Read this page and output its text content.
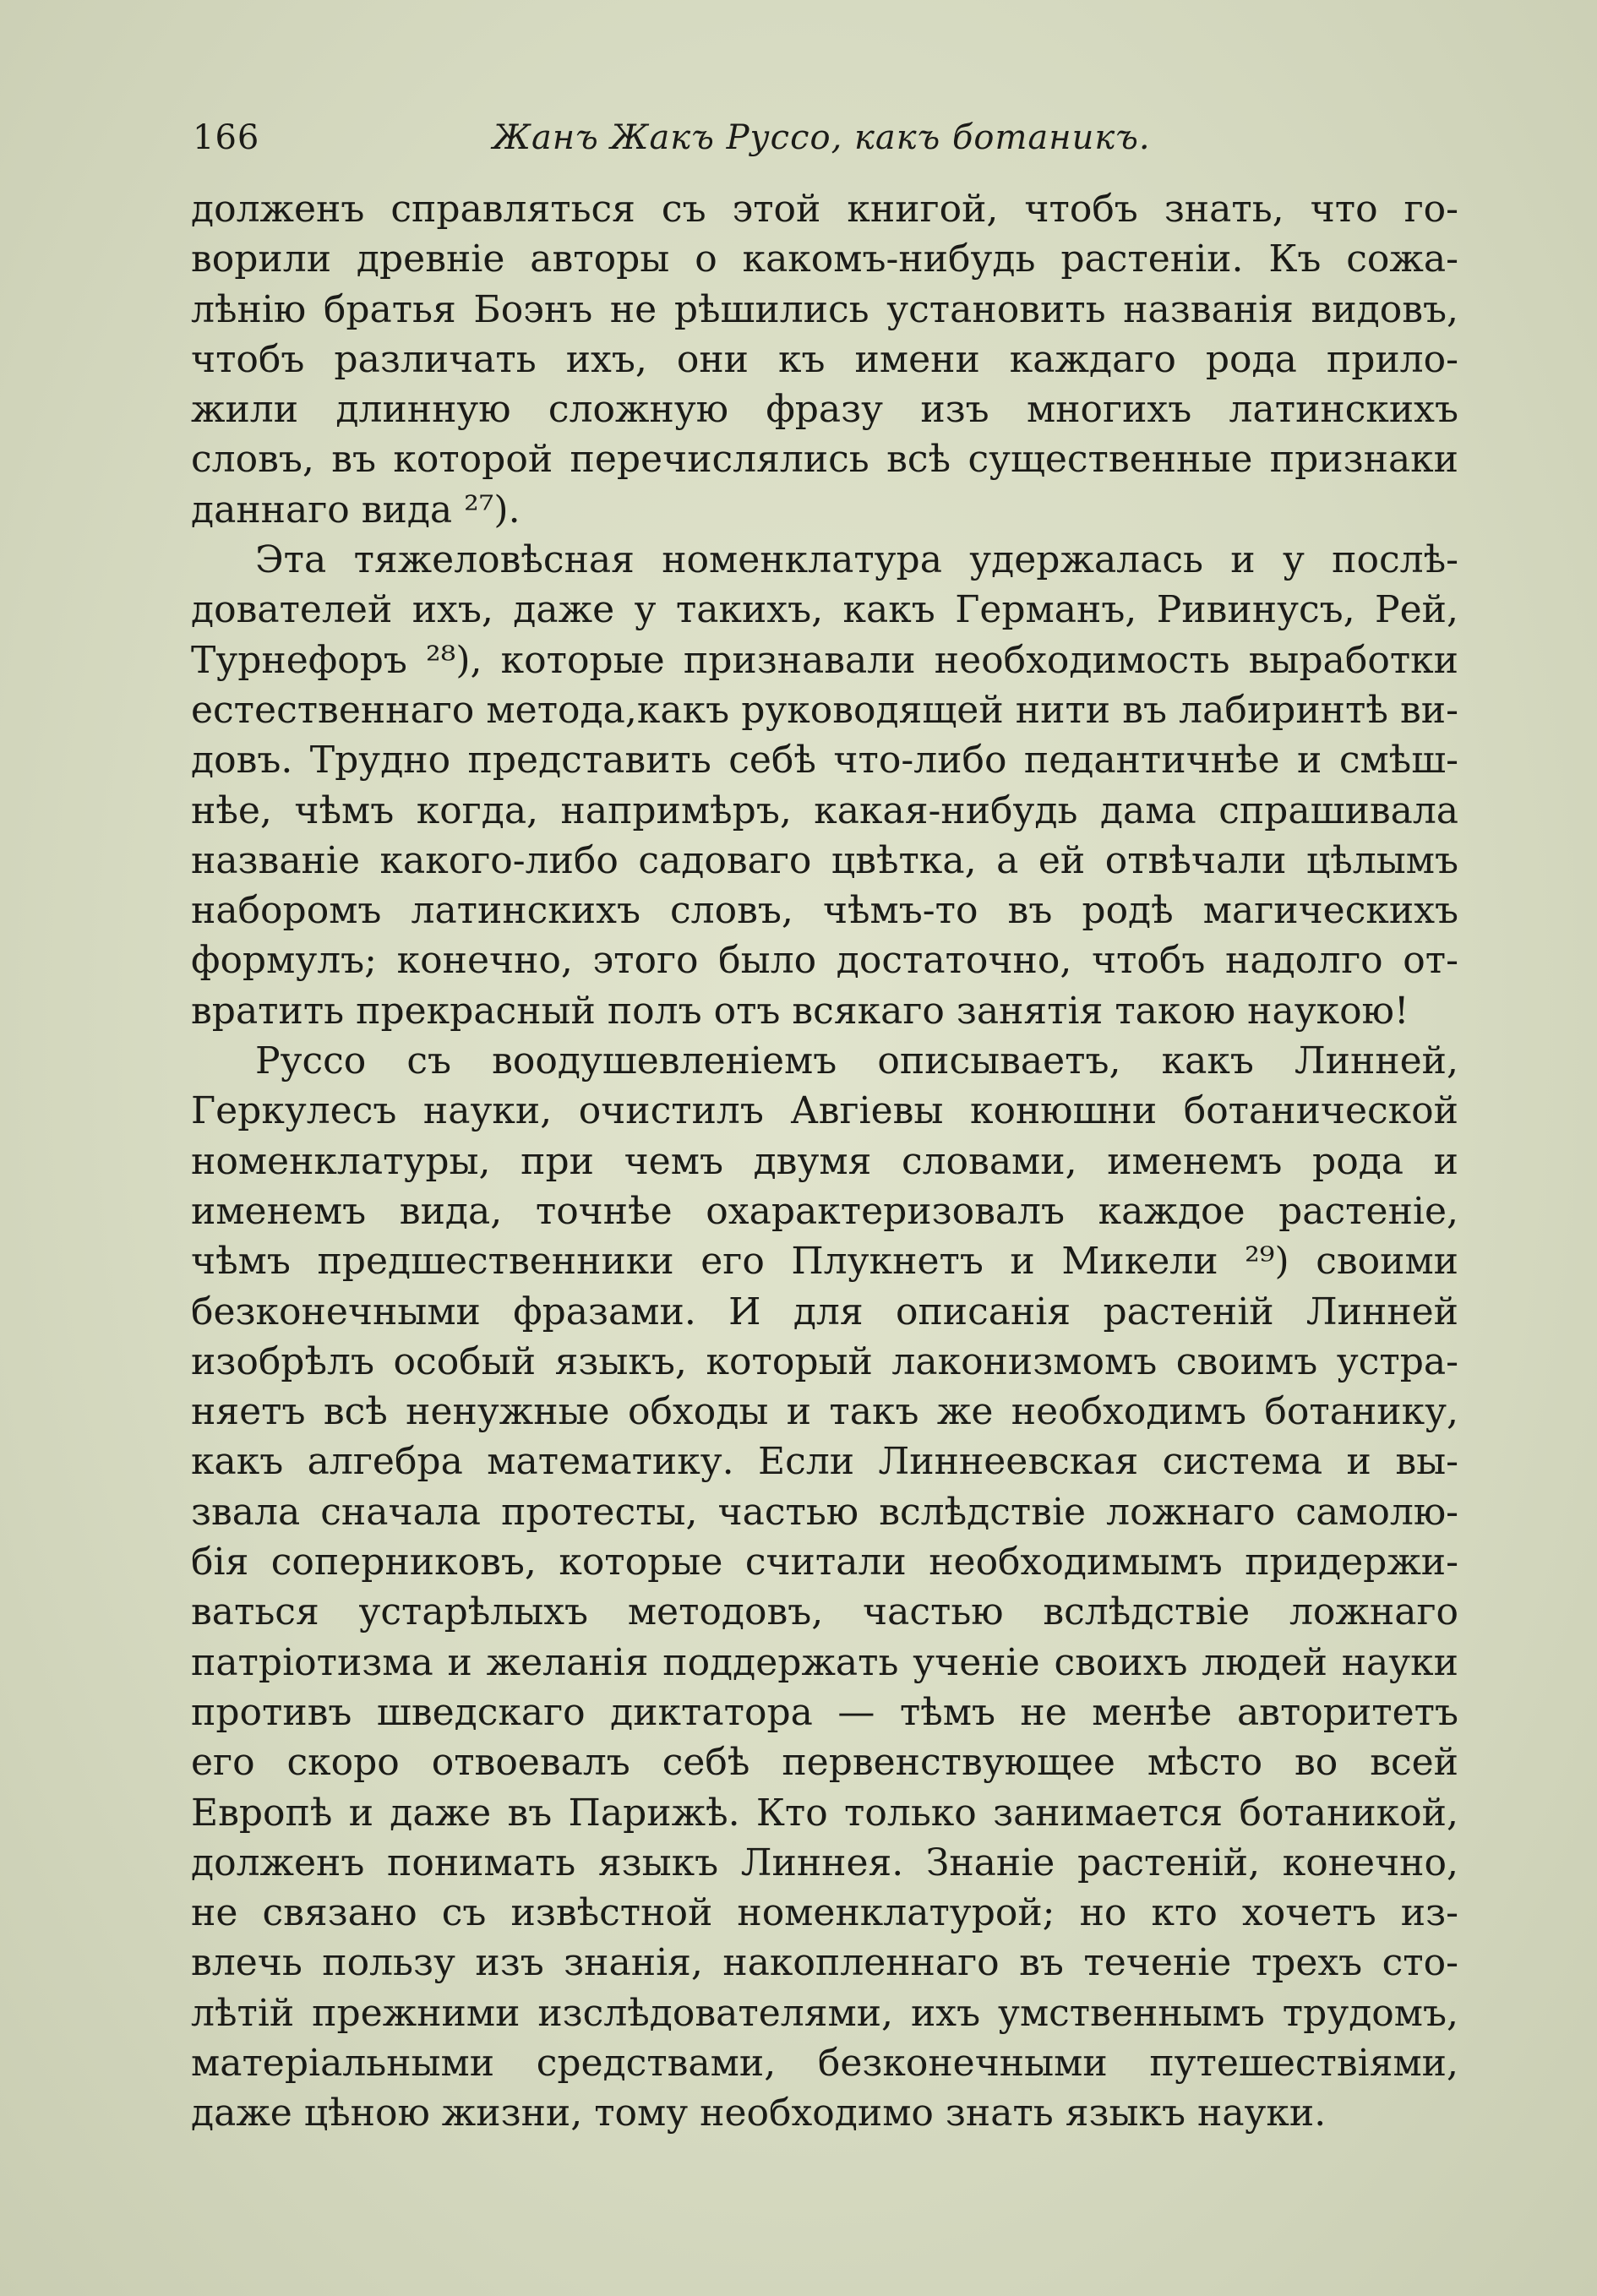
166	Жанъ Жакъ Руссо, какъ ботаникъ.
долженъ справляться съ этой книгой, чтобъ знать, что го-
ворили древніе авторы о какомъ-нибудь растеніи. Къ сожа-
лѣнію братья Боэнъ не рѣшились установить названія видовъ,
чтобъ различать ихъ, они къ имени каждаго рода прило-
жили длинную сложную фразу изъ многихъ латинскихъ
словъ, въ которой перечислялись всѣ существенные признаки
даннаго вида ²⁷).
Эта тяжеловѣсная номенклатура удержалась и у послѣ-
дователей ихъ, даже у такихъ, какъ Германъ, Ривинусъ, Рей,
Турнефоръ ²⁸), которые признавали необходимость выработки
естественнаго метода,какъ руководящей нити въ лабиринтѣ ви-
довъ. Трудно представить себѣ что-либо педантичнѣе и смѣш-
нѣе, чѣмъ когда, напримѣръ, какая-нибудь дама спрашивала
названіе какого-либо садоваго цвѣтка, а ей отвѣчали цѣлымъ
наборомъ латинскихъ словъ, чѣмъ-то въ родѣ магическихъ
формулъ; конечно, этого было достаточно, чтобъ надолго от-
вратить прекрасный полъ отъ всякаго занятія такою наукою!
Руссо съ воодушевленіемъ описываетъ, какъ Линней,
Геркулесъ науки, очистилъ Авгіевы конюшни ботанической
номенклатуры, при чемъ двумя словами, именемъ рода и
именемъ вида, точнѣе охарактеризовалъ каждое растеніе,
чѣмъ предшественники его Плукнетъ и Микели ²⁹) своими
безконечными фразами. И для описанія растеній Линней
изобрѣлъ особый языкъ, который лаконизмомъ своимъ устра-
няетъ всѣ ненужные обходы и такъ же необходимъ ботанику,
какъ алгебра математику. Если Линнеевская система и вы-
звала сначала протесты, частью вслѣдствіе ложнаго самолю-
бія соперниковъ, которые считали необходимымъ придержи-
ваться устарѣлыхъ методовъ, частью вслѣдствіе ложнаго
патріотизма и желанія поддержать ученіе своихъ людей науки
противъ шведскаго диктатора — тѣмъ не менѣе авторитетъ
его скоро отвоевалъ себѣ первенствующее мѣсто во всей
Европѣ и даже въ Парижѣ. Кто только занимается ботаникой,
долженъ понимать языкъ Линнея. Знаніе растеній, конечно,
не связано съ извѣстной номенклатурой; но кто хочетъ из-
влечь пользу изъ знанія, накопленнаго въ теченіе трехъ сто-
лѣтій прежними изслѣдователями, ихъ умственнымъ трудомъ,
матеріальными средствами, безконечными путешествіями,
даже цѣною жизни, тому необходимо знать языкъ науки.
